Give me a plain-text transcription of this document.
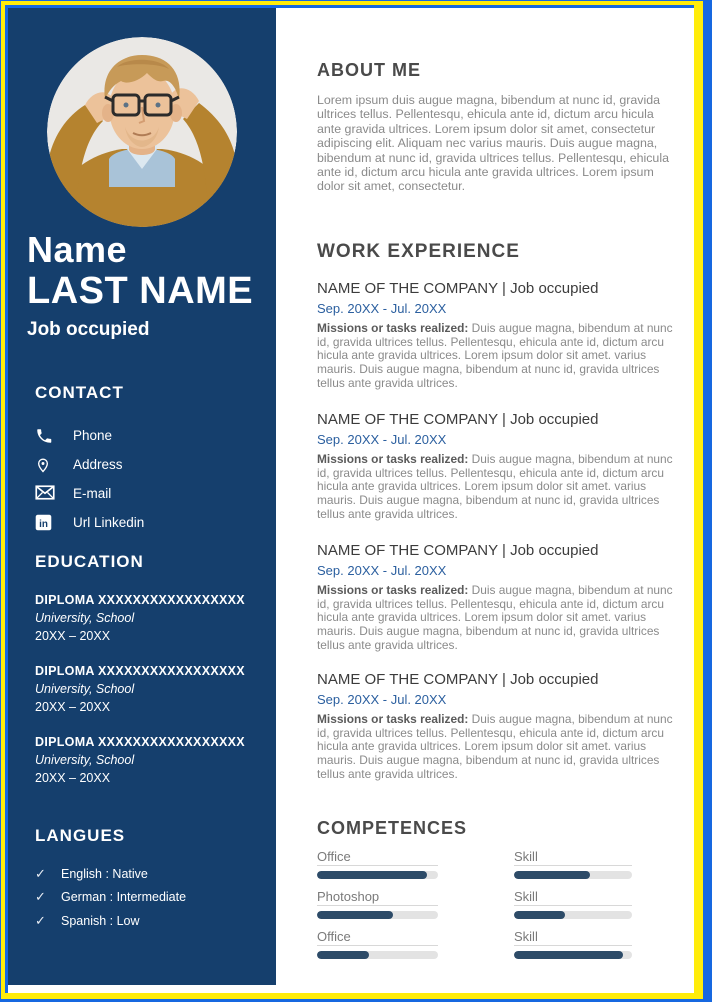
Name
LAST NAME
Job occupied
CONTACT
Phone
Address
E-mail
in Url Linkedin
EDUCATION
DIPLOMA XXXXXXXXXXXXXXXXX
University, School
20XX – 20XX
DIPLOMA XXXXXXXXXXXXXXXXX
University, School
20XX – 20XX
DIPLOMA XXXXXXXXXXXXXXXXX
University, School
20XX – 20XX
LANGUES
✓ English : Native
✓ German : Intermediate
✓ Spanish : Low
ABOUT ME
Lorem ipsum duis augue magna, bibendum at nunc id, gravida ultrices tellus. Pellentesqu, ehicula ante id, dictum arcu hicula ante gravida ultrices. Lorem ipsum dolor sit amet, consectetur adipiscing elit. Aliquam nec varius mauris. Duis augue magna, bibendum at nunc id, gravida ultrices tellus. Pellentesqu, ehicula ante id, dictum arcu hicula ante gravida ultrices. Lorem ipsum dolor sit amet, consectetur.
WORK EXPERIENCE
NAME OF THE COMPANY | Job occupied
Sep. 20XX - Jul. 20XX
Missions or tasks realized: Duis augue magna, bibendum at nunc id, gravida ultrices tellus. Pellentesqu, ehicula ante id, dictum arcu hicula ante gravida ultrices. Lorem ipsum dolor sit amet. varius mauris. Duis augue magna, bibendum at nunc id, gravida ultrices tellus ante gravida ultrices.
NAME OF THE COMPANY | Job occupied
Sep. 20XX - Jul. 20XX
Missions or tasks realized: Duis augue magna, bibendum at nunc id, gravida ultrices tellus. Pellentesqu, ehicula ante id, dictum arcu hicula ante gravida ultrices. Lorem ipsum dolor sit amet. varius mauris. Duis augue magna, bibendum at nunc id, gravida ultrices tellus ante gravida ultrices.
NAME OF THE COMPANY | Job occupied
Sep. 20XX - Jul. 20XX
Missions or tasks realized: Duis augue magna, bibendum at nunc id, gravida ultrices tellus. Pellentesqu, ehicula ante id, dictum arcu hicula ante gravida ultrices. Lorem ipsum dolor sit amet. varius mauris. Duis augue magna, bibendum at nunc id, gravida ultrices tellus ante gravida ultrices.
NAME OF THE COMPANY | Job occupied
Sep. 20XX - Jul. 20XX
Missions or tasks realized: Duis augue magna, bibendum at nunc id, gravida ultrices tellus. Pellentesqu, ehicula ante id, dictum arcu hicula ante gravida ultrices. Lorem ipsum dolor sit amet. varius mauris. Duis augue magna, bibendum at nunc id, gravida ultrices tellus ante gravida ultrices.
COMPETENCES
Office	Skill
Photoshop	Skill
Office	Skill
